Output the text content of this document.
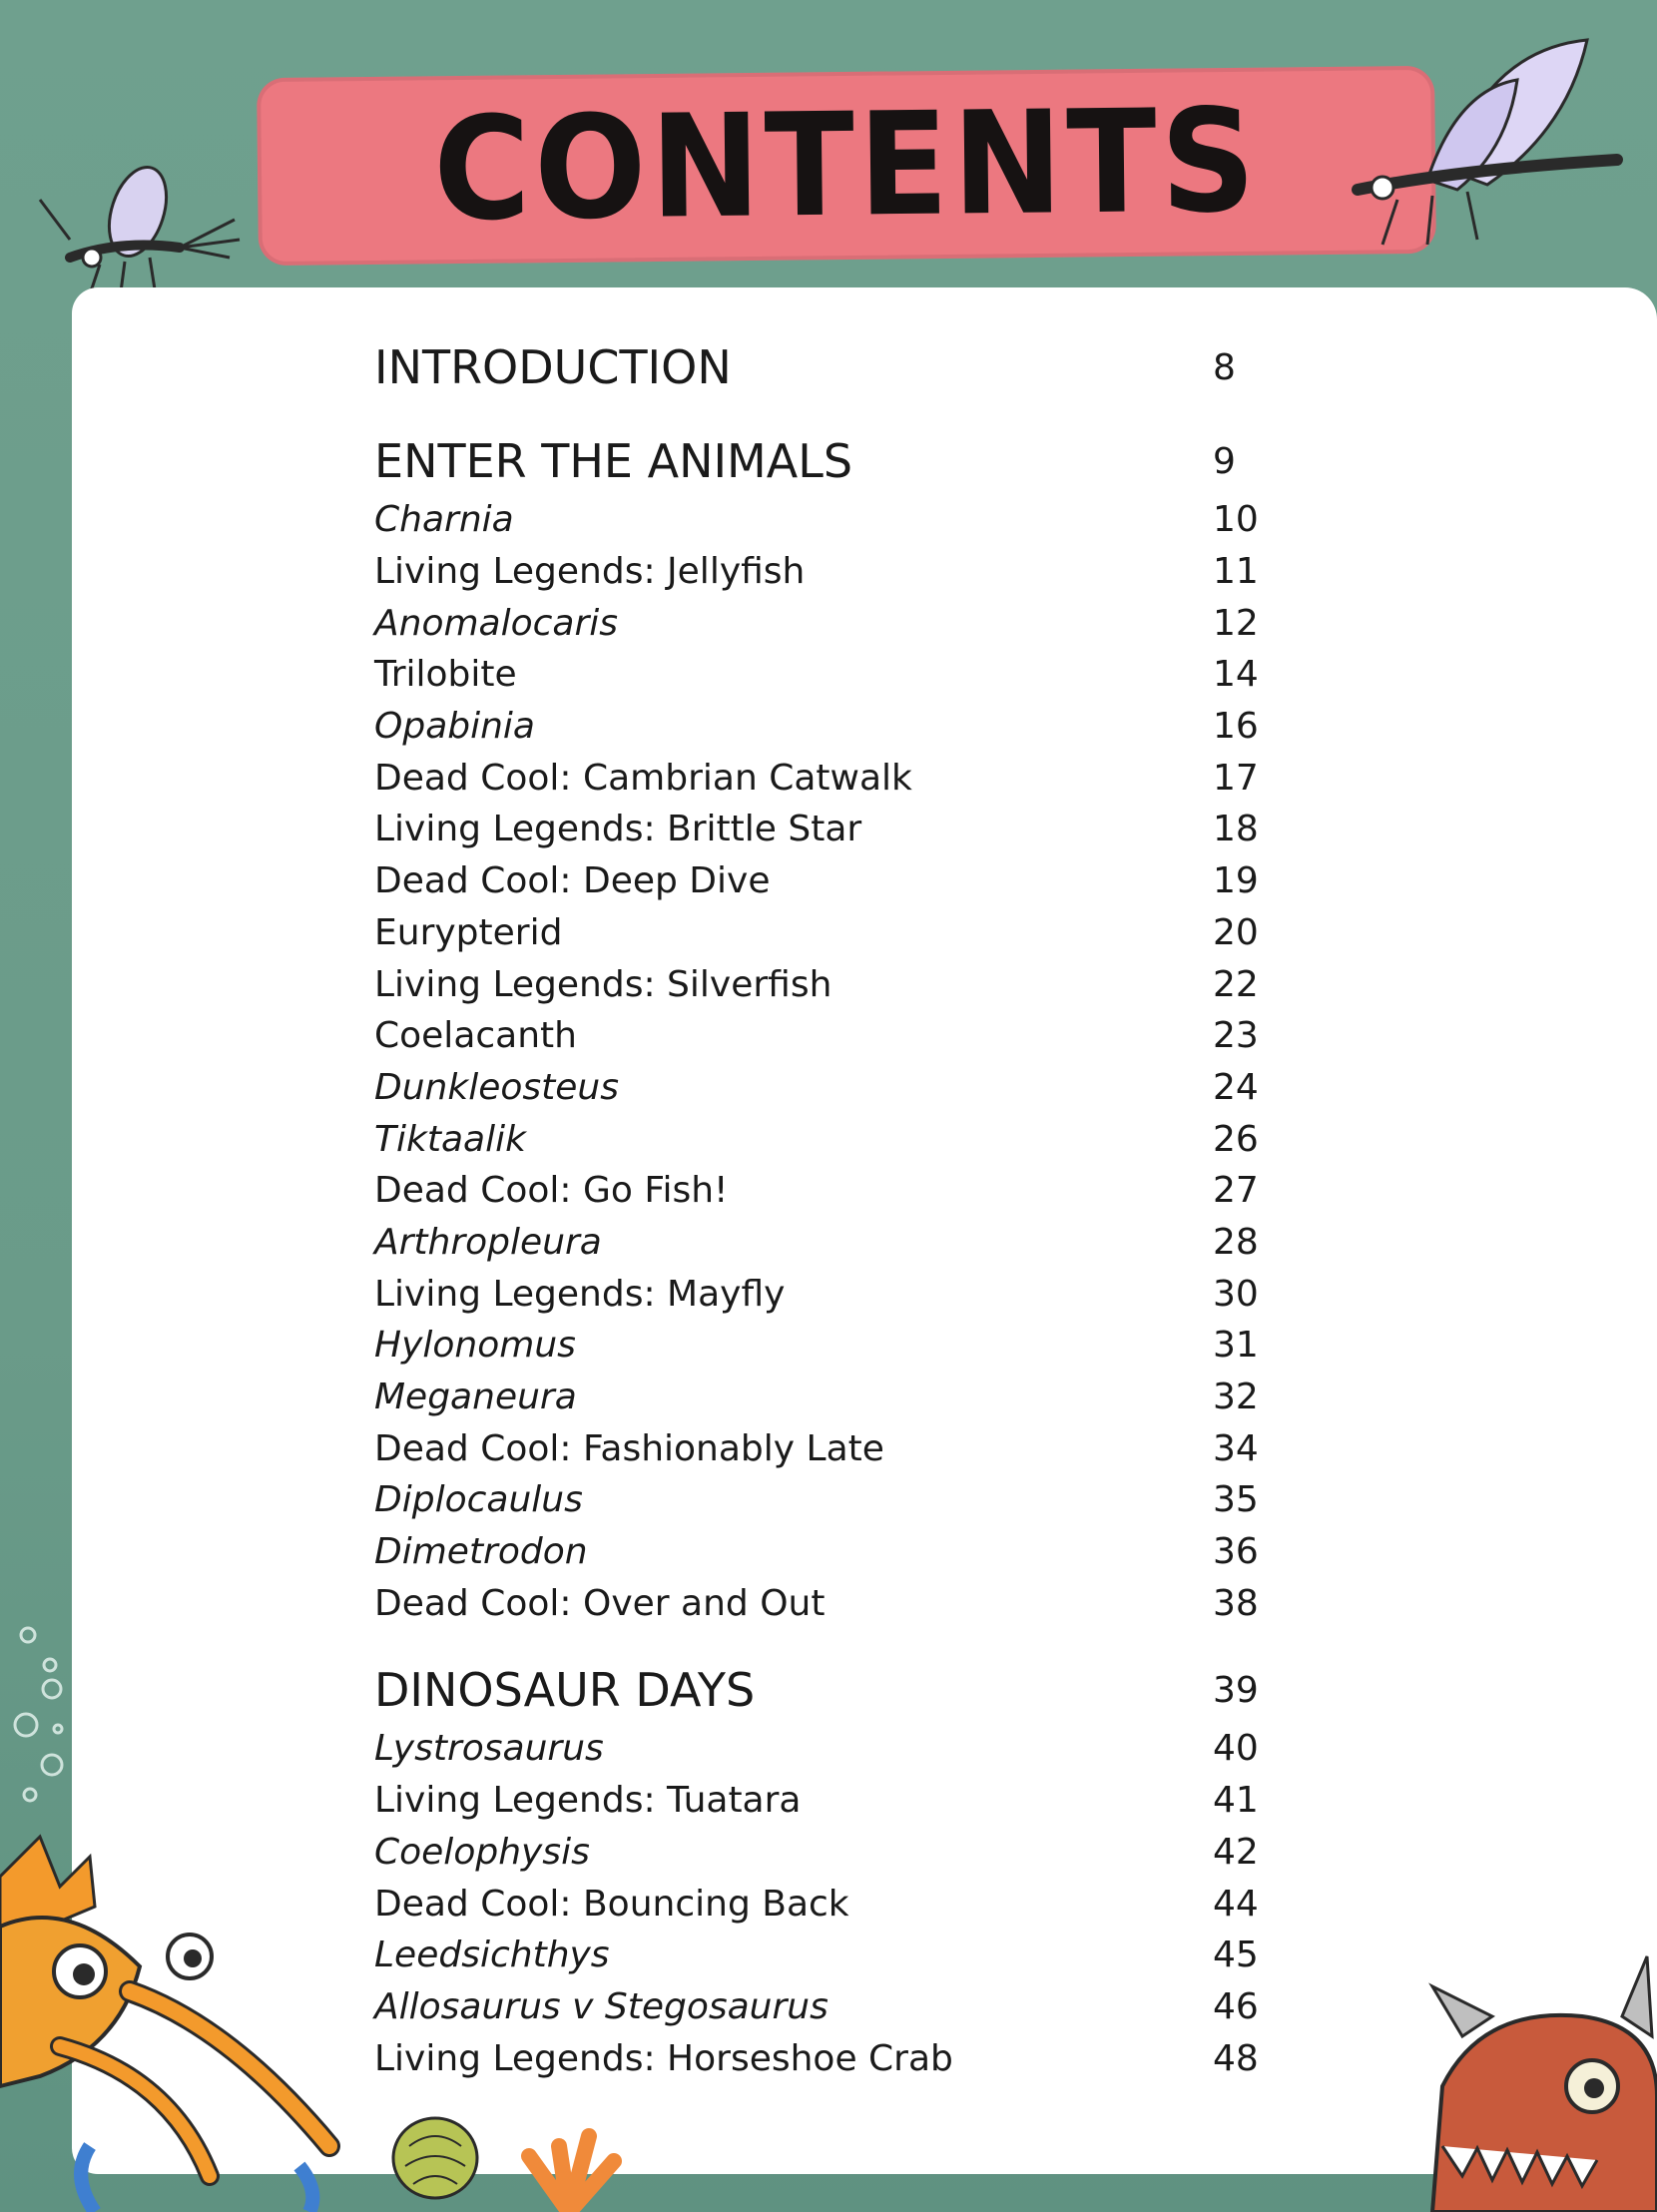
CONTENTS
INTRODUCTION	8
ENTER THE ANIMALS	9
Charnia	10
Living Legends: Jellyfish	11
Anomalocaris	12
Trilobite	14
Opabinia	16
Dead Cool: Cambrian Catwalk	17
Living Legends: Brittle Star	18
Dead Cool: Deep Dive	19
Eurypterid	20
Living Legends: Silverfish	22
Coelacanth	23
Dunkleosteus	24
Tiktaalik	26
Dead Cool: Go Fish!	27
Arthropleura	28
Living Legends: Mayfly	30
Hylonomus	31
Meganeura	32
Dead Cool: Fashionably Late	34
Diplocaulus	35
Dimetrodon	36
Dead Cool: Over and Out	38
DINOSAUR DAYS	39
Lystrosaurus	40
Living Legends: Tuatara	41
Coelophysis	42
Dead Cool: Bouncing Back	44
Leedsichthys	45
Allosaurus v Stegosaurus	46
Living Legends: Horseshoe Crab	48
